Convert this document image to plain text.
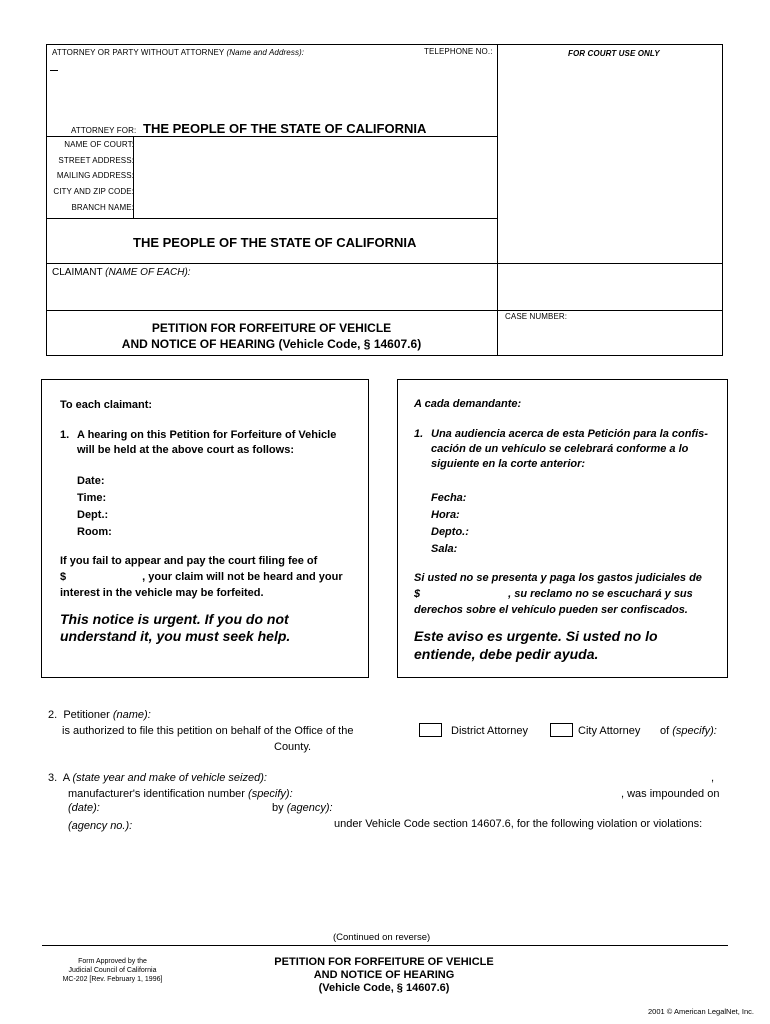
ATTORNEY OR PARTY WITHOUT ATTORNEY (Name and Address):	TELEPHONE NO.:	FOR COURT USE ONLY
ATTORNEY FOR: THE PEOPLE OF THE STATE OF CALIFORNIA
NAME OF COURT:
STREET ADDRESS:
MAILING ADDRESS:
CITY AND ZIP CODE:
BRANCH NAME:
THE PEOPLE OF THE STATE OF CALIFORNIA
CLAIMANT (NAME OF EACH):
CASE NUMBER:
PETITION FOR FORFEITURE OF VEHICLE
AND NOTICE OF HEARING (Vehicle Code, § 14607.6)
To each claimant:
1. A hearing on this Petition for Forfeiture of Vehicle
will be held at the above court as follows:
Date:
Time:
Dept.:
Room:
If you fail to appear and pay the court filing fee of
$	, your claim will not be heard and your
interest in the vehicle may be forfeited.
This notice is urgent. If you do not
understand it, you must seek help.
A cada demandante:
1. Una audiencia acerca de esta Petición para la confis-
cación de un vehículo se celebrará conforme a lo
siguiente en la corte anterior:
Fecha:
Hora:
Depto.:
Sala:
Si usted no se presenta y paga los gastos judiciales de
$	, su reclamo no se escuchará y sus
derechos sobre el vehículo pueden ser confiscados.
Este aviso es urgente. Si usted no lo
entiende, debe pedir ayuda.
2. Petitioner (name):
is authorized to file this petition on behalf of the Office of the	District Attorney	City Attorney of (specify):
County.
3. A (state year and make of vehicle seized):	,
manufacturer's identification number (specify):	, was impounded on
(date):	by (agency):
(agency no.):	under Vehicle Code section 14607.6, for the following violation or violations:
(Continued on reverse)
Form Approved by the
Judicial Council of California
MC-202 [Rev. February 1, 1996]
PETITION FOR FORFEITURE OF VEHICLE
AND NOTICE OF HEARING
(Vehicle Code, § 14607.6)
2001 © American LegalNet, Inc.
